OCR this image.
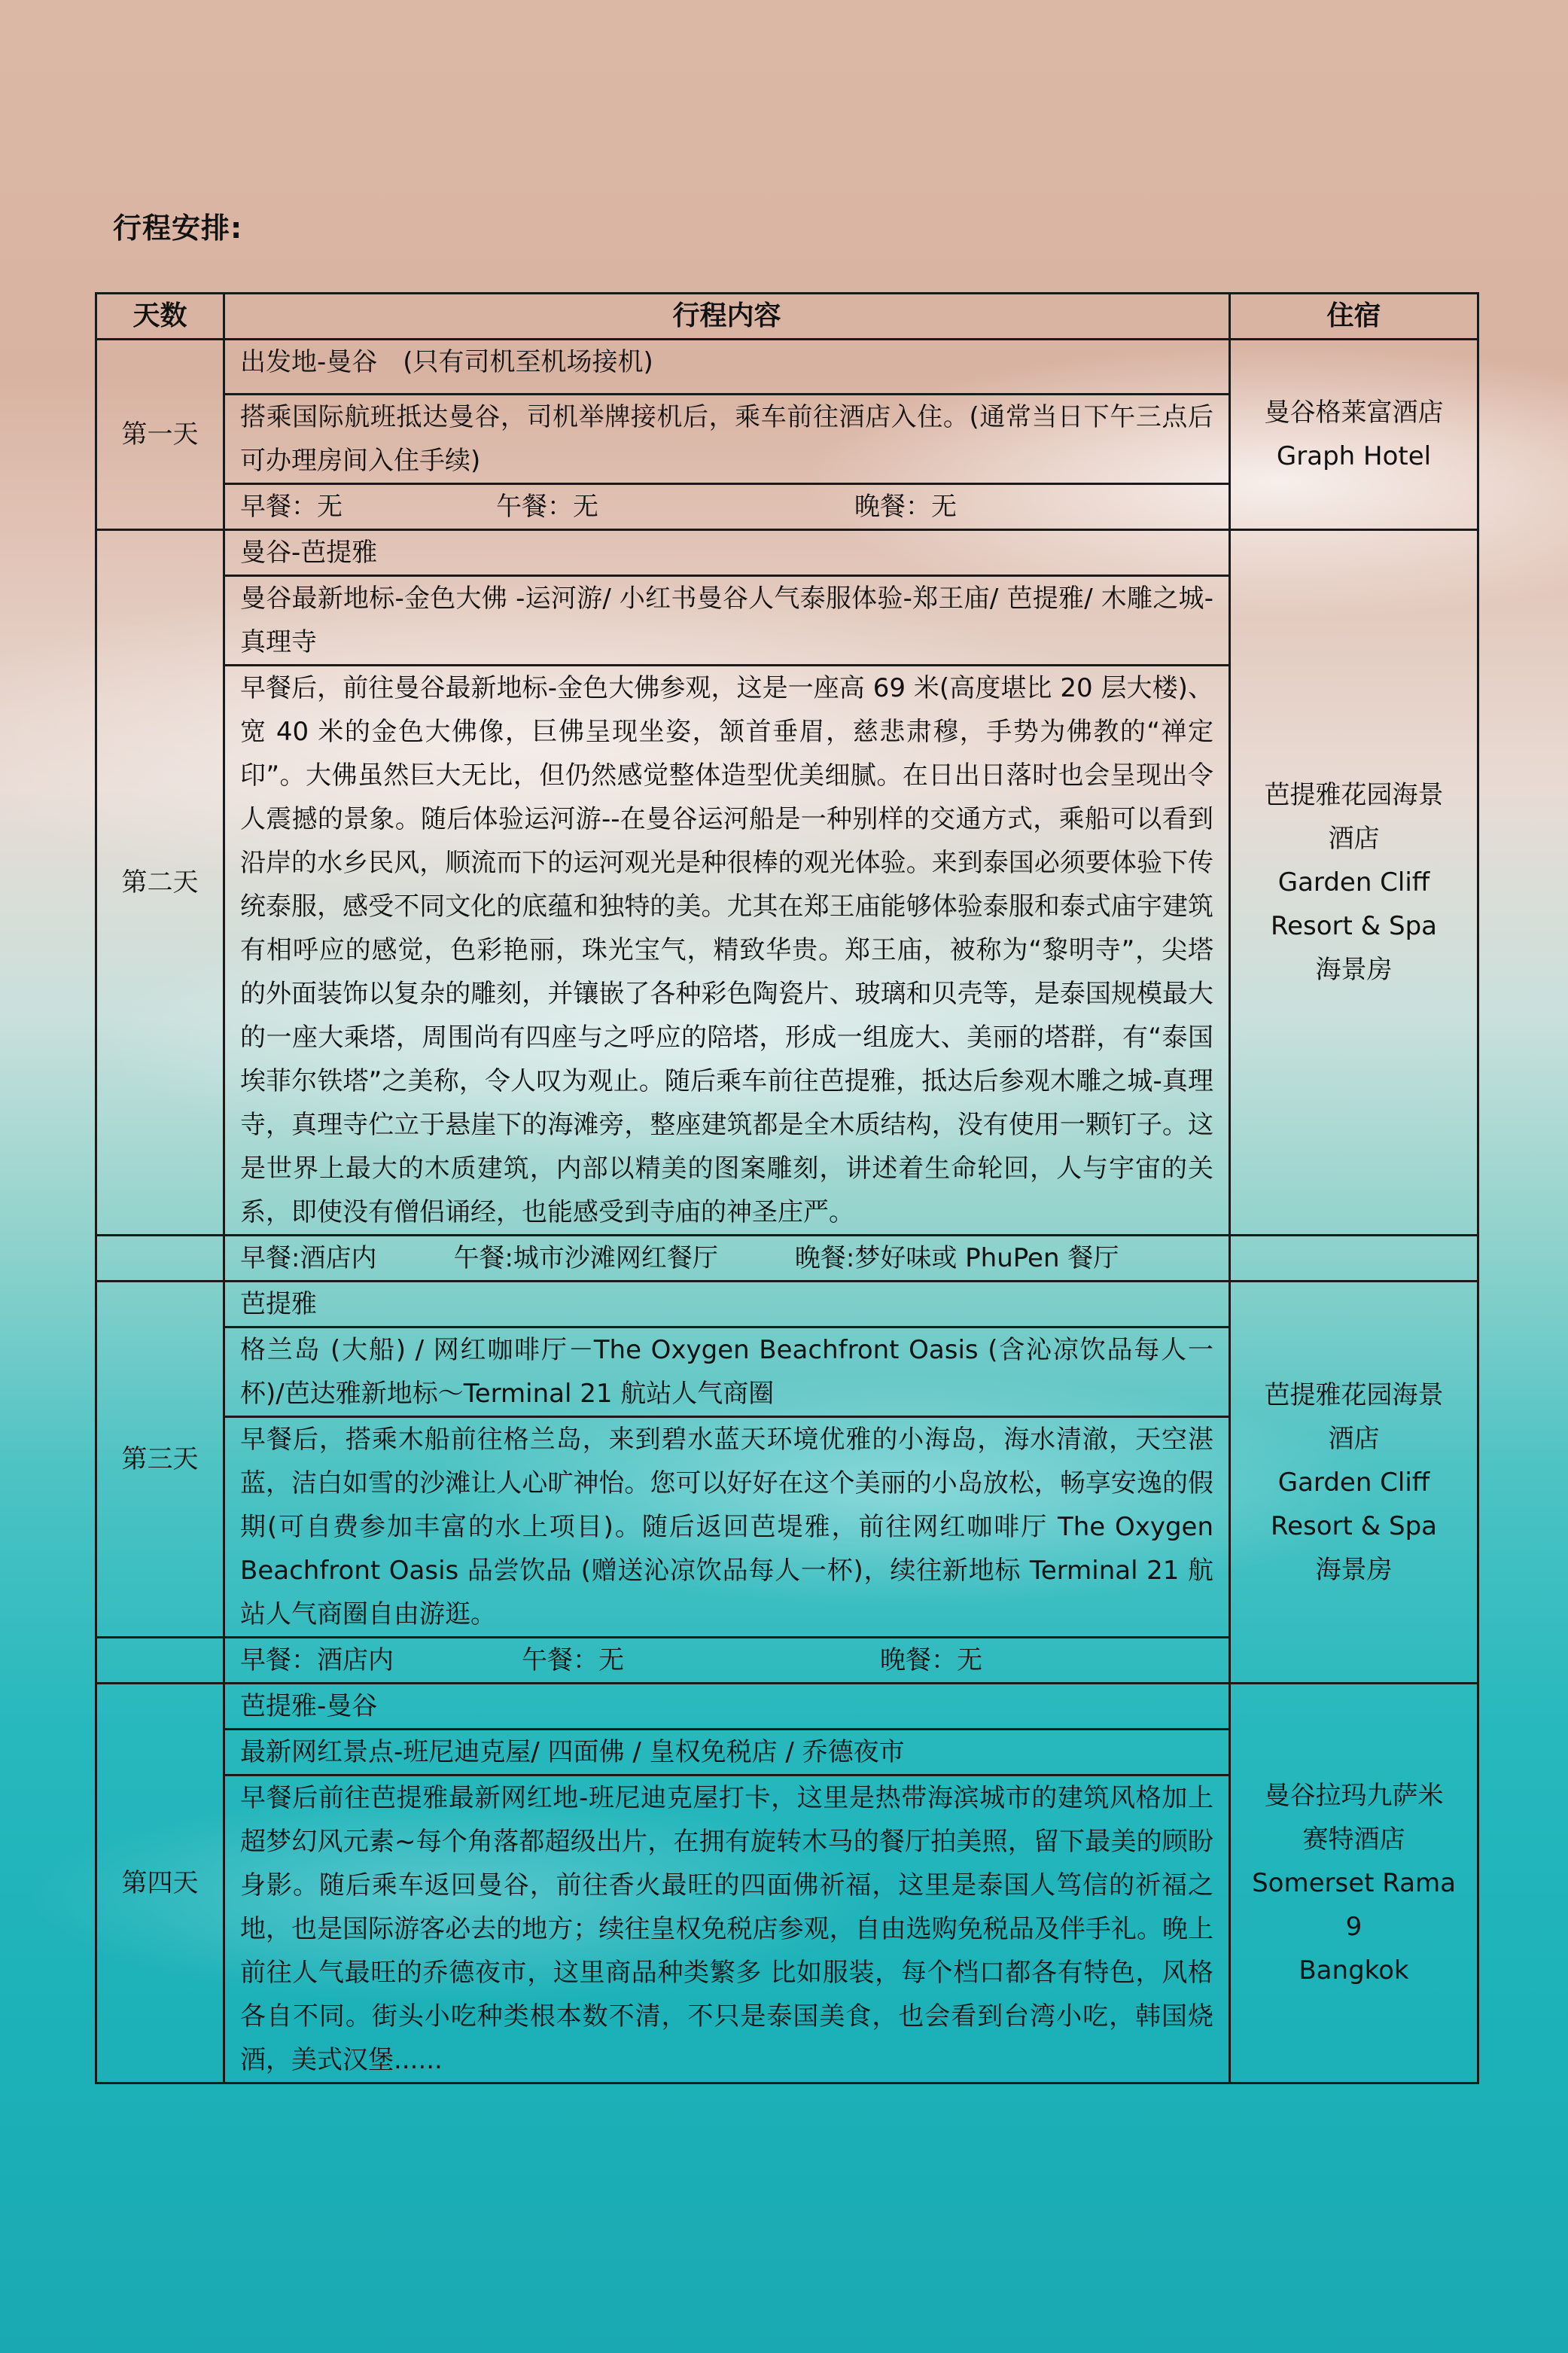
行程安排:
天数	行程内容	住宿
第一天	出发地-曼谷　(只有司机至机场接机)	曼谷格莱富酒店
Graph Hotel

	搭乘国际航班抵达曼谷，司机举牌接机后，乘车前往酒店入住。(通常当日下午三点后可办理房间入住手续)	
	早餐：无　　　　　　午餐：无　　　　　　　　　　晚餐：无	
第二天	曼谷-芭提雅	芭提雅花园海景
酒店
Garden Cliff
Resort & Spa
海景房

	曼谷最新地标-金色大佛 -运河游/ 小红书曼谷人气泰服体验-郑王庙/ 芭提雅/ 木雕之城-真理寺	
	早餐后，前往曼谷最新地标-金色大佛参观，这是一座高 69 米(高度堪比 20 层大楼)、宽 40 米的金色大佛像，巨佛呈现坐姿，颔首垂眉，慈悲肃穆，手势为佛教的“禅定印”。大佛虽然巨大无比，但仍然感觉整体造型优美细腻。在日出日落时也会呈现出令人震撼的景象。随后体验运河游--在曼谷运河船是一种别样的交通方式，乘船可以看到沿岸的水乡民风，顺流而下的运河观光是种很棒的观光体验。来到泰国必须要体验下传统泰服，感受不同文化的底蕴和独特的美。尤其在郑王庙能够体验泰服和泰式庙宇建筑有相呼应的感觉，色彩艳丽，珠光宝气，精致华贵。郑王庙，被称为“黎明寺”，尖塔的外面装饰以复杂的雕刻，并镶嵌了各种彩色陶瓷片、玻璃和贝壳等，是泰国规模最大的一座大乘塔，周围尚有四座与之呼应的陪塔，形成一组庞大、美丽的塔群，有“泰国埃菲尔铁塔”之美称，令人叹为观止。随后乘车前往芭提雅，抵达后参观木雕之城-真理寺，真理寺伫立于悬崖下的海滩旁，整座建筑都是全木质结构，没有使用一颗钉子。这是世界上最大的木质建筑，内部以精美的图案雕刻，讲述着生命轮回，人与宇宙的关系，即使没有僧侣诵经，也能感受到寺庙的神圣庄严。	
	早餐:酒店内　　　午餐:城市沙滩网红餐厅　　　晚餐:梦好味或 PhuPen 餐厅	
第三天	芭提雅	芭提雅花园海景
酒店
Garden Cliff
Resort & Spa
海景房

	格兰岛 (大船) / 网红咖啡厅－The Oxygen Beachfront Oasis (含沁凉饮品每人一杯)/芭达雅新地标～Terminal 21 航站人气商圈	
	早餐后，搭乘木船前往格兰岛，来到碧水蓝天环境优雅的小海岛，海水清澈，天空湛蓝，洁白如雪的沙滩让人心旷神怡。您可以好好在这个美丽的小岛放松，畅享安逸的假期(可自费参加丰富的水上项目)。随后返回芭堤雅，前往网红咖啡厅 The Oxygen Beachfront Oasis 品尝饮品 (赠送沁凉饮品每人一杯)，续往新地标 Terminal 21 航站人气商圈自由游逛。	
	早餐：酒店内　　　　　午餐：无　　　　　　　　　　晚餐：无	
第四天	芭提雅-曼谷	曼谷拉玛九萨米
赛特酒店
Somerset Rama 9
Bangkok

	最新网红景点-班尼迪克屋/ 四面佛 / 皇权免税店 / 乔德夜市	
	早餐后前往芭提雅最新网红地-班尼迪克屋打卡，这里是热带海滨城市的建筑风格加上超梦幻风元素~每个角落都超级出片，在拥有旋转木马的餐厅拍美照，留下最美的顾盼身影。随后乘车返回曼谷，前往香火最旺的四面佛祈福，这里是泰国人笃信的祈福之地，也是国际游客必去的地方；续往皇权免税店参观，自由选购免税品及伴手礼。晚上前往人气最旺的乔德夜市，这里商品种类繁多 比如服装，每个档口都各有特色，风格各自不同。街头小吃种类根本数不清，不只是泰国美食，也会看到台湾小吃，韩国烧酒，美式汉堡......	
